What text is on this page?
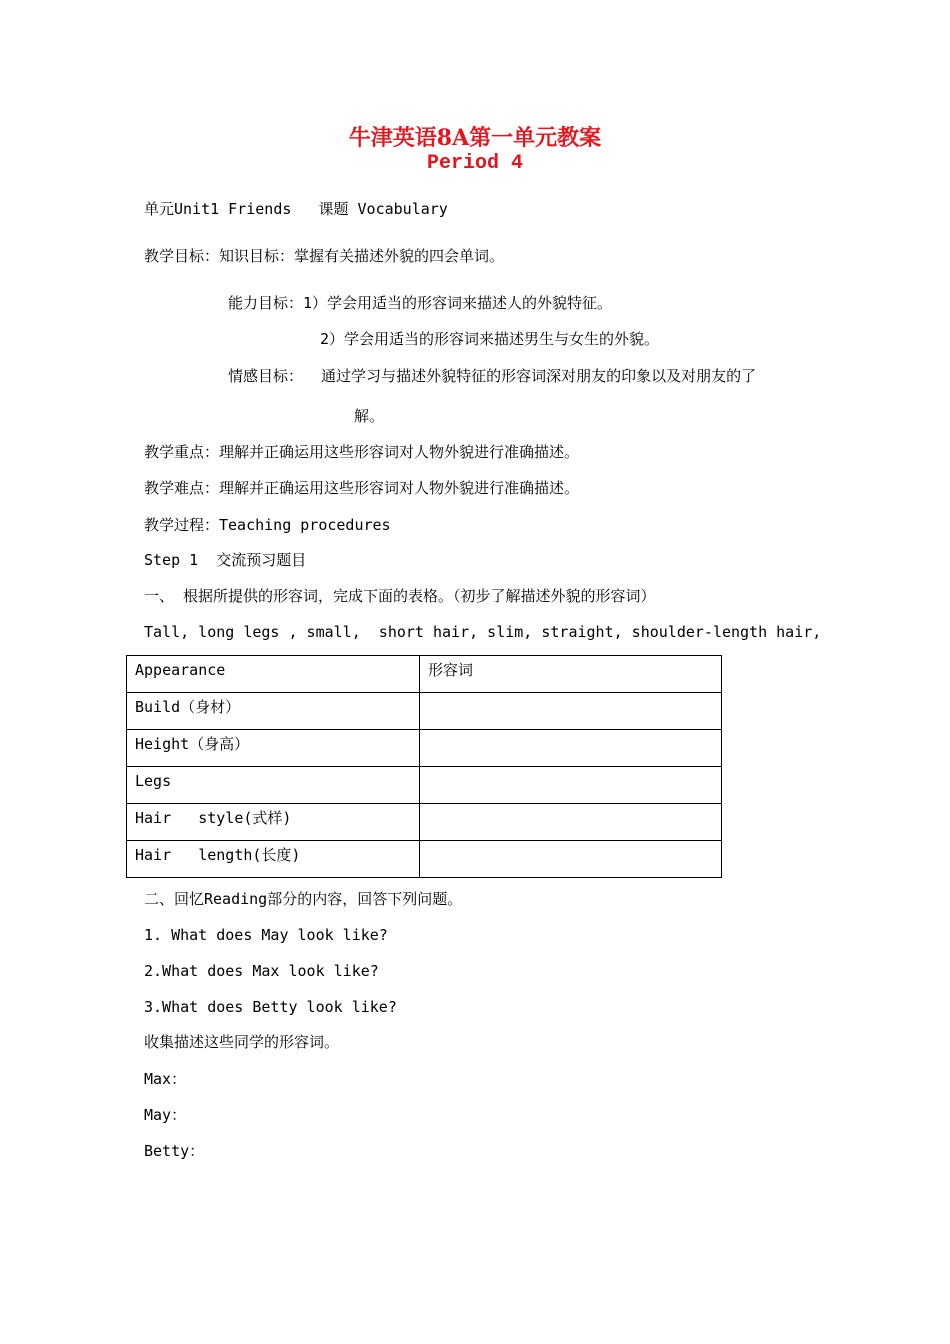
牛津英语8A第一单元教案
Period 4
单元Unit1 Friends   课题 Vocabulary
教学目标：知识目标：掌握有关描述外貌的四会单词。
能力目标：1）学会用适当的形容词来描述人的外貌特征。
2）学会用适当的形容词来描述男生与女生的外貌。
情感目标：  通过学习与描述外貌特征的形容词深对朋友的印象以及对朋友的了
解。
教学重点：理解并正确运用这些形容词对人物外貌进行准确描述。
教学难点：理解并正确运用这些形容词对人物外貌进行准确描述。
教学过程：Teaching procedures
Step 1  交流预习题目
一、 根据所提供的形容词，完成下面的表格。（初步了解描述外貌的形容词）
Tall, long legs , small,  short hair, slim, straight, shoulder-length hair,
Appearance	形容词
Build（身材）	
Height（身高）	
Legs	
Hair   style(式样)	
Hair   length(长度)	
二、回忆Reading部分的内容，回答下列问题。
1. What does May look like?
2.What does Max look like?
3.What does Betty look like?
收集描述这些同学的形容词。
Max：
May：
Betty：
